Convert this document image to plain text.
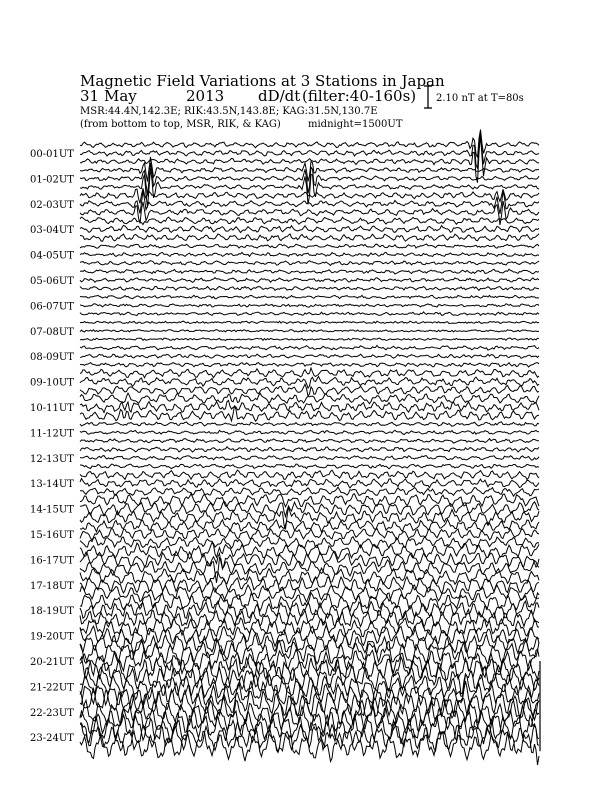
Magnetic Field Variations at 3 Stations in Japan
31 May	2013 dD/dt (filter:40-160s)
MSR:44.4N,142.3E; RIK:43.5N,143.8E; KAG:31.5N,130.7E
(from bottom to top, MSR, RIK, & KAG)	midnight=1500UT
2.10 nT at T=80s
00-01UT
01-02UT
02-03UT
03-04UT
04-05UT
05-06UT
06-07UT
07-08UT
08-09UT
09-10UT
10-11UT
11-12UT
12-13UT
13-14UT
14-15UT
15-16UT
16-17UT
17-18UT
18-19UT
19-20UT
20-21UT
21-22UT
22-23UT
23-24UT
